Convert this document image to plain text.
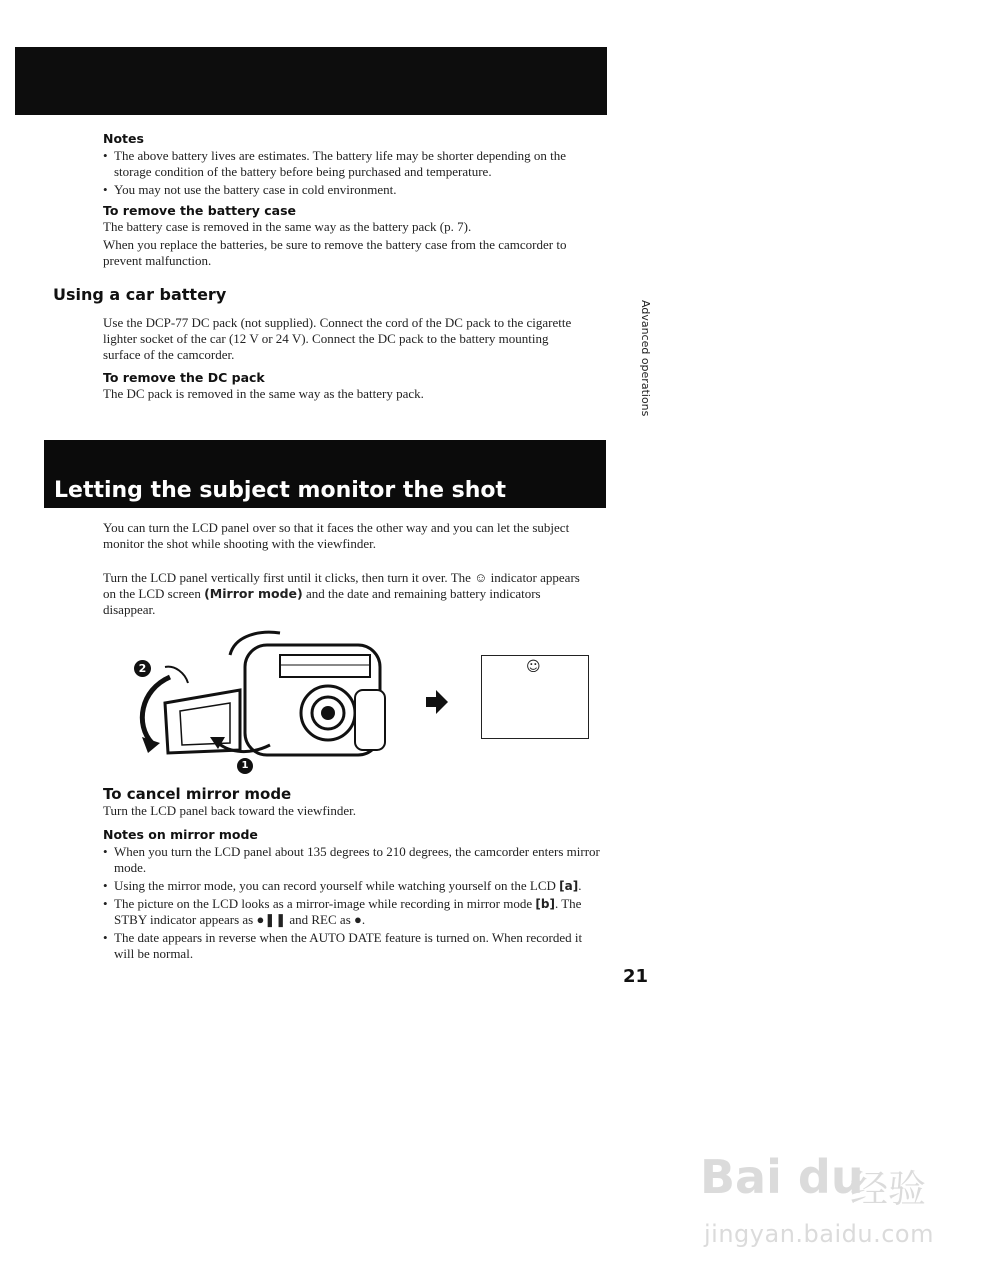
Notes
• The above battery lives are estimates. The battery life may be shorter depending on the storage condition of the battery before being purchased and temperature.
• You may not use the battery case in cold environment.
To remove the battery case
The battery case is removed in the same way as the battery pack (p. 7).
When you replace the batteries, be sure to remove the battery case from the camcorder to prevent malfunction.
Using a car battery
Use the DCP-77 DC pack (not supplied). Connect the cord of the DC pack to the cigarette lighter socket of the car (12 V or 24 V). Connect the DC pack to the battery mounting surface of the camcorder.
To remove the DC pack
The DC pack is removed in the same way as the battery pack.	Advanced operations
Letting the subject monitor the shot
You can turn the LCD panel over so that it faces the other way and you can let the subject monitor the shot while shooting with the viewfinder.
Turn the LCD panel vertically first until it clicks, then turn it over. The ☺ indicator appears on the LCD screen (Mirror mode) and the date and remaining battery indicators disappear.
2
1
☺
To cancel mirror mode
Turn the LCD panel back toward the viewfinder.
Notes on mirror mode
• When you turn the LCD panel about 135 degrees to 210 degrees, the camcorder enters mirror mode.
• Using the mirror mode, you can record yourself while watching yourself on the LCD [a].
• The picture on the LCD looks as a mirror-image while recording in mirror mode [b]. The STBY indicator appears as ●❚❚ and REC as ●.
• The date appears in reverse when the AUTO DATE feature is turned on. When recorded it will be normal.
21
Bai du
经验
jingyan.baidu.com
